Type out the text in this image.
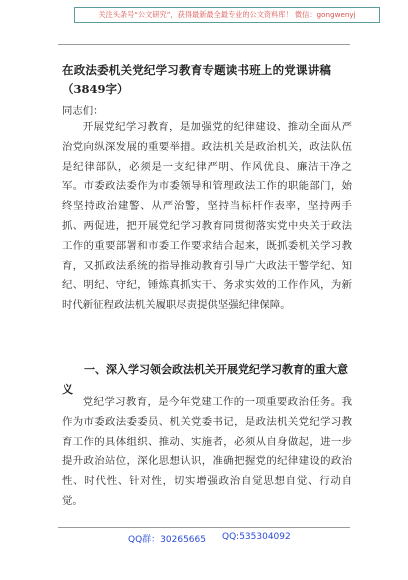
关注头条号“公文研究”，获得最新最全最专业的公文资料库！ 微信：gongwenyj
在政法委机关党纪学习教育专题读书班上的党课讲稿
（3849字）
同志们：

开展党纪学习教育，是加强党的纪律建设、推动全面从严治党向纵深发展的重要举措。政法机关是政治机关，政法队伍是纪律部队，必须是一支纪律严明、作风优良、廉洁干净之军。市委政法委作为市委领导和管理政法工作的职能部门，始终坚持政治建警、从严治警，坚持当标杆作表率，坚持两手抓、两促进，把开展党纪学习教育同贯彻落实党中央关于政法工作的重要部署和市委工作要求结合起来，既抓委机关学习教育，又抓政法系统的指导推动教育引导广大政法干警学纪、知纪、明纪、守纪，锤炼真抓实干、务求实效的工作作风，为新时代新征程政法机关履职尽责提供坚强纪律保障。

一、深入学习领会政法机关开展党纪学习教育的重大意义

党纪学习教育，是今年党建工作的一项重要政治任务。我作为市委政法委委员、机关党委书记，是政法机关党纪学习教育工作的具体组织、推动、实施者，必须从自身做起，进一步提升政治站位，深化思想认识，准确把握党的纪律建设的政治性、时代性、针对性，切实增强政治自觉思想自觉、行动自觉。

QQ群：30265665 QQ:535304092
